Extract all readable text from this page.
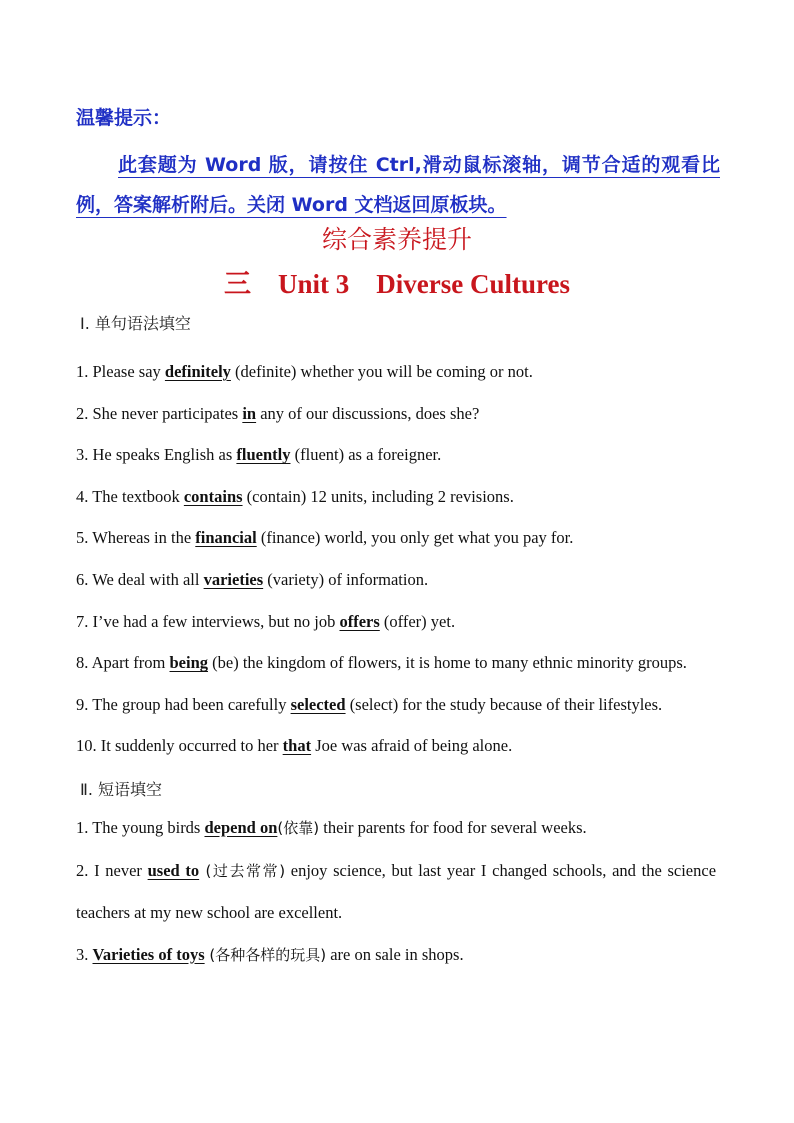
温馨提示：
此套题为 Word 版，请按住 Ctrl,滑动鼠标滚轴，调节合适的观看比例，答案解析附后。关闭 Word 文档返回原板块。
综合素养提升
三    Unit 3    Diverse Cultures
Ⅰ. 单句语法填空
1. Please say definitely (definite) whether you will be coming or not.
2. She never participates in any of our discussions, does she?
3. He speaks English as fluently (fluent) as a foreigner.
4. The textbook contains (contain) 12 units, including 2 revisions.
5. Whereas in the financial (finance) world, you only get what you pay for.
6. We deal with all varieties (variety) of information.
7. I’ve had a few interviews, but no job offers (offer) yet.
8. Apart from being (be) the kingdom of flowers, it is home to many ethnic minority groups.
9. The group had been carefully selected (select) for the study because of their lifestyles.
10. It suddenly occurred to her that Joe was afraid of being alone.
Ⅱ. 短语填空
1. The young birds depend on(依靠) their parents for food for several weeks.
2. I never used to (过去常常) enjoy science, but last year I changed schools, and the science teachers at my new school are excellent.
3. Varieties of toys (各种各样的玩具) are on sale in shops.
